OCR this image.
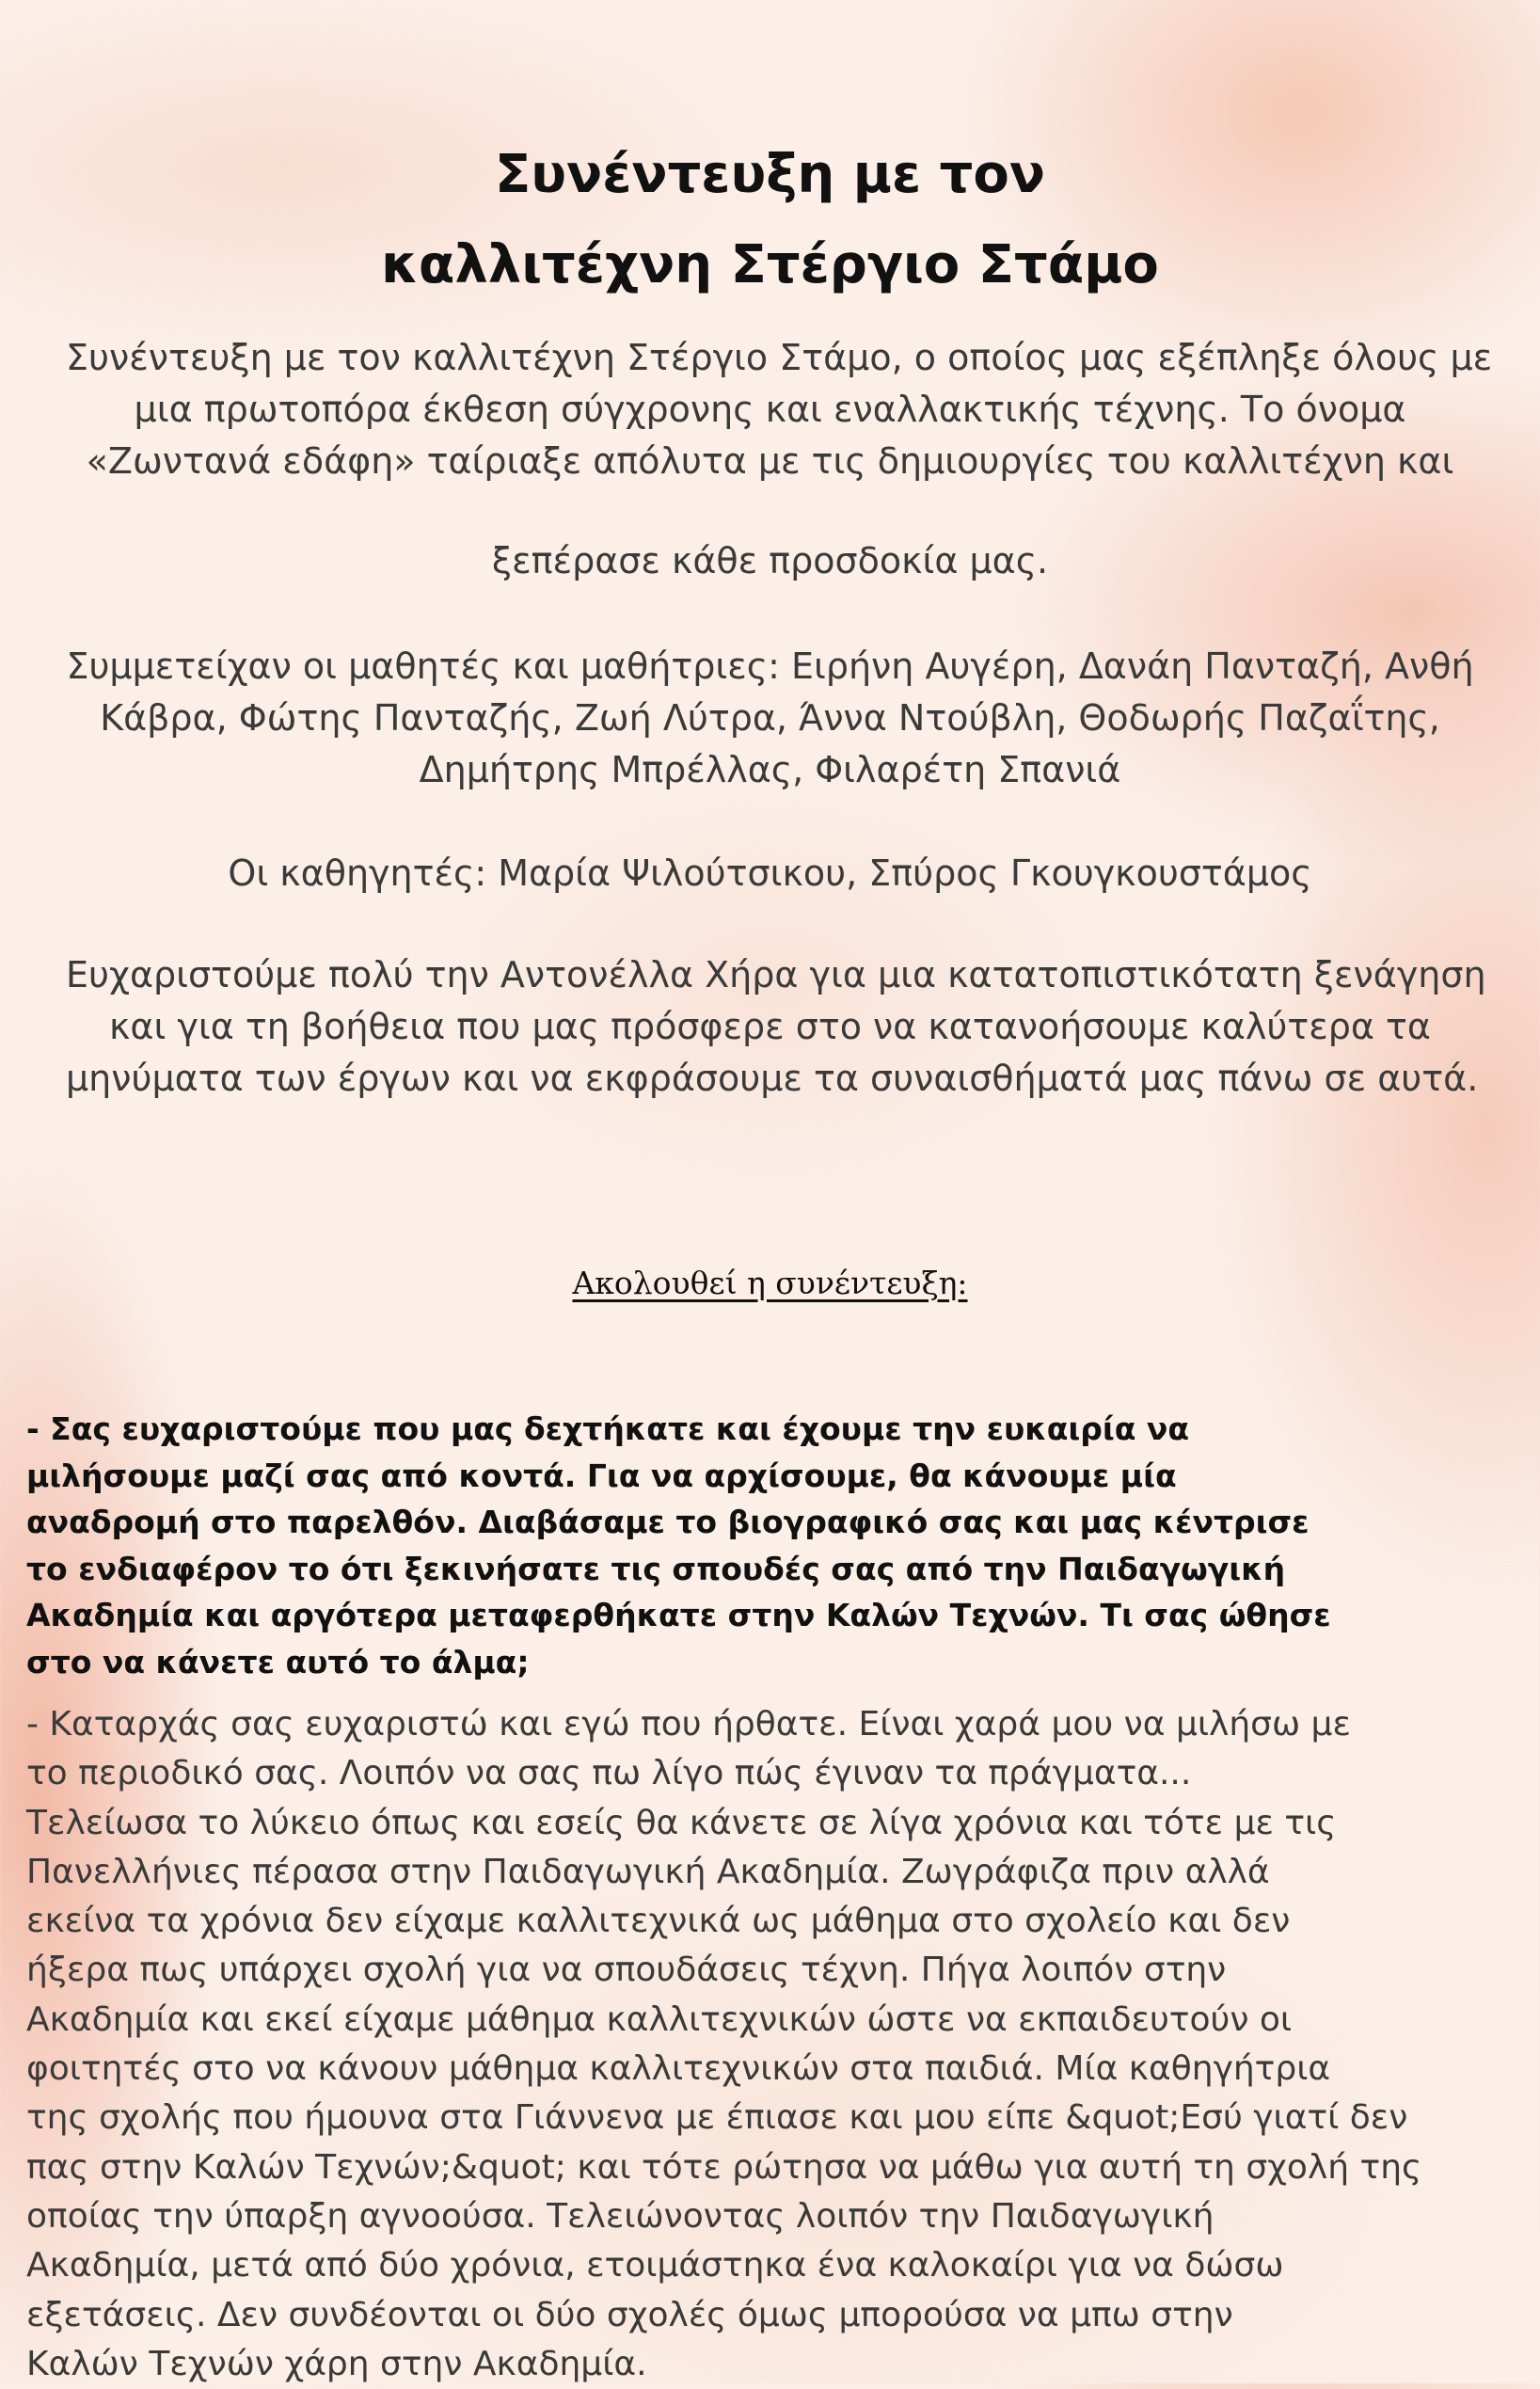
Συνέντευξη με τον
καλλιτέχνη Στέργιο Στάμο

Συνέντευξη με τον καλλιτέχνη Στέργιο Στάμο, ο οποίος μας εξέπληξε όλους με
μια πρωτοπόρα έκθεση σύγχρονης και εναλλακτικής τέχνης. Το όνομα
«Ζωντανά εδάφη» ταίριαξε απόλυτα με τις δημιουργίες του καλλιτέχνη και

ξεπέρασε κάθε προσδοκία μας.

Συμμετείχαν οι μαθητές και μαθήτριες: Ειρήνη Αυγέρη, Δανάη Πανταζή, Ανθή
Κάβρα, Φώτης Πανταζής, Ζωή Λύτρα, Άννα Ντούβλη, Θοδωρής Παζαΐτης,
Δημήτρης Μπρέλλας, Φιλαρέτη Σπανιά

Οι καθηγητές: Μαρία Ψιλούτσικου, Σπύρος Γκουγκουστάμος

Ευχαριστούμε πολύ την Αντονέλλα Χήρα για μια κατατοπιστικότατη ξενάγηση
και για τη βοήθεια που μας πρόσφερε στο να κατανοήσουμε καλύτερα τα
μηνύματα των έργων και να εκφράσουμε τα συναισθήματά μας πάνω σε αυτά.

Ακολουθεί η συνέντευξη:

- Σας ευχαριστούμε που μας δεχτήκατε και έχουμε την ευκαιρία να
μιλήσουμε μαζί σας από κοντά. Για να αρχίσουμε, θα κάνουμε μία
αναδρομή στο παρελθόν. Διαβάσαμε το βιογραφικό σας και μας κέντρισε
το ενδιαφέρον το ότι ξεκινήσατε τις σπουδές σας από την Παιδαγωγική
Ακαδημία και αργότερα μεταφερθήκατε στην Καλών Τεχνών. Τι σας ώθησε
στο να κάνετε αυτό το άλμα;

- Καταρχάς σας ευχαριστώ και εγώ που ήρθατε. Είναι χαρά μου να μιλήσω με
το περιοδικό σας. Λοιπόν να σας πω λίγο πώς έγιναν τα πράγματα...
Τελείωσα το λύκειο όπως και εσείς θα κάνετε σε λίγα χρόνια και τότε με τις
Πανελλήνιες πέρασα στην Παιδαγωγική Ακαδημία. Ζωγράφιζα πριν αλλά
εκείνα τα χρόνια δεν είχαμε καλλιτεχνικά ως μάθημα στο σχολείο και δεν
ήξερα πως υπάρχει σχολή για να σπουδάσεις τέχνη. Πήγα λοιπόν στην
Ακαδημία και εκεί είχαμε μάθημα καλλιτεχνικών ώστε να εκπαιδευτούν οι
φοιτητές στο να κάνουν μάθημα καλλιτεχνικών στα παιδιά. Μία καθηγήτρια
της σχολής που ήμουνα στα Γιάννενα με έπιασε και μου είπε &quot;Εσύ γιατί δεν
πας στην Καλών Τεχνών;&quot; και τότε ρώτησα να μάθω για αυτή τη σχολή της
οποίας την ύπαρξη αγνοούσα. Τελειώνοντας λοιπόν την Παιδαγωγική
Ακαδημία, μετά από δύο χρόνια, ετοιμάστηκα ένα καλοκαίρι για να δώσω
εξετάσεις. Δεν συνδέονται οι δύο σχολές όμως μπορούσα να μπω στην
Καλών Τεχνών χάρη στην Ακαδημία.
